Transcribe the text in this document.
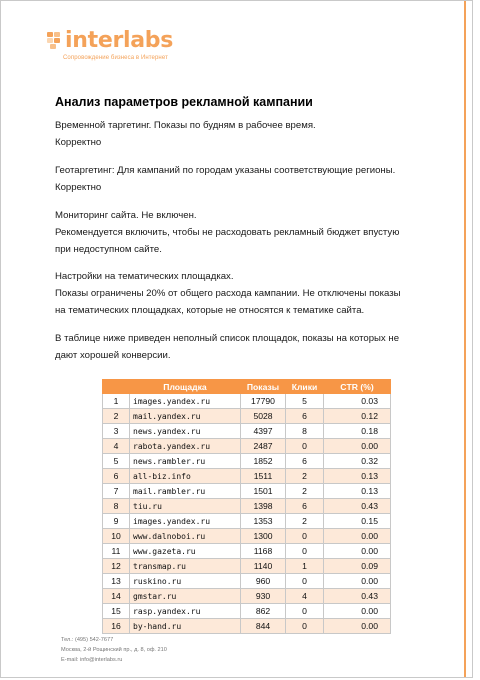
interlabs
Сопровождение бизнеса в Интернет
Анализ параметров рекламной кампании
Временной таргетинг. Показы по будням в рабочее время.
Корректно
Геотаргетинг: Для кампаний по городам указаны соответствующие регионы.
Корректно
Мониторинг сайта. Не включен.
Рекомендуется включить, чтобы не расходовать рекламный бюджет впустую
при недоступном сайте.
Настройки на тематических площадках.
Показы ограничены 20% от общего расхода кампании. Не отключены показы
на тематических площадках, которые не относятся к тематике сайта.
В таблице ниже приведен неполный список площадок, показы на которых не
дают хорошей конверсии.
	Площадка	Показы	Клики	CTR (%)
1	images.yandex.ru	17790	5	0.03
2	mail.yandex.ru	5028	6	0.12
3	news.yandex.ru	4397	8	0.18
4	rabota.yandex.ru	2487	0	0.00
5	news.rambler.ru	1852	6	0.32
6	all-biz.info	1511	2	0.13
7	mail.rambler.ru	1501	2	0.13
8	tiu.ru	1398	6	0.43
9	images.yandex.ru	1353	2	0.15
10	www.dalnoboi.ru	1300	0	0.00
11	www.gazeta.ru	1168	0	0.00
12	transmap.ru	1140	1	0.09
13	ruskino.ru	960	0	0.00
14	gmstar.ru	930	4	0.43
15	rasp.yandex.ru	862	0	0.00
16	by-hand.ru	844	0	0.00
Тел.: (495) 542-7677
Москва, 2-й Рощинский пр., д. 8, оф. 210
E-mail: info@interlabs.ru
